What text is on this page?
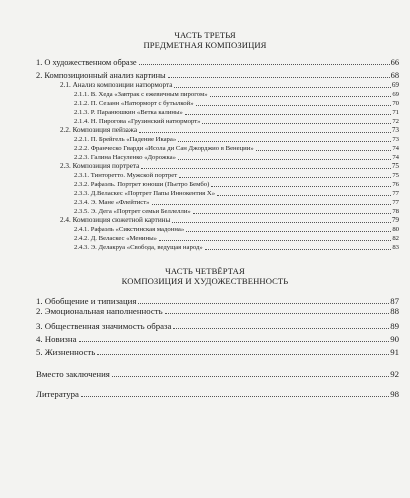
ЧАСТЬ ТРЕТЬЯ
ПРЕДМЕТНАЯ КОМПОЗИЦИЯ
1. О художественном образе	66
2. Композиционный анализ картины	68
2.1. Анализ композиции натюрморта	69
2.1.1. В. Хеда «Завтрак с ежевичным пирогом»	69
2.1.2. П. Сезанн «Натюрморт с бутылкой»	70
2.1.3. Р. Паранюшкин «Ветка калины»	71
2.1.4. Н. Пирогова «Грузинский натюрморт»	72
2.2. Композиция пейзажа	73
2.2.1. П. Брейгель «Падение Икара»	73
2.2.2. Франческо Гварди «Исола ди Сан Джорджио в Венеции»	74
2.2.3. Галина Насуленко «Дорожка»	74
2.3. Композиция портрета	75
2.3.1. Тинторетто. Мужской портрет	75
2.3.2. Рафаэль. Портрет юноши (Пьетро Бембо)	76
2.3.3. Д.Веласкес «Портрет Папы Иннокентия Х»	77
2.3.4. Э. Мане «Флейтист»	77
2.3.5. Э. Дега «Портрет семьи Беллелли»	78
2.4. Композиция сюжетной картины	79
2.4.1. Рафаэль «Сикстинская мадонна»	80
2.4.2. Д. Веласкес «Менины»	82
2.4.3. Э. Делакруа «Свобода, ведущая народ»	83
ЧАСТЬ ЧЕТВЁРТАЯ
КОМПОЗИЦИЯ И ХУДОЖЕСТВЕННОСТЬ
1. Обобщение и типизация	87
2. Эмоциональная наполненность	88
3. Общественная значимость образа	89
4. Новизна	90
5. Жизненность	91
Вместо заключения	92
Литература	98
